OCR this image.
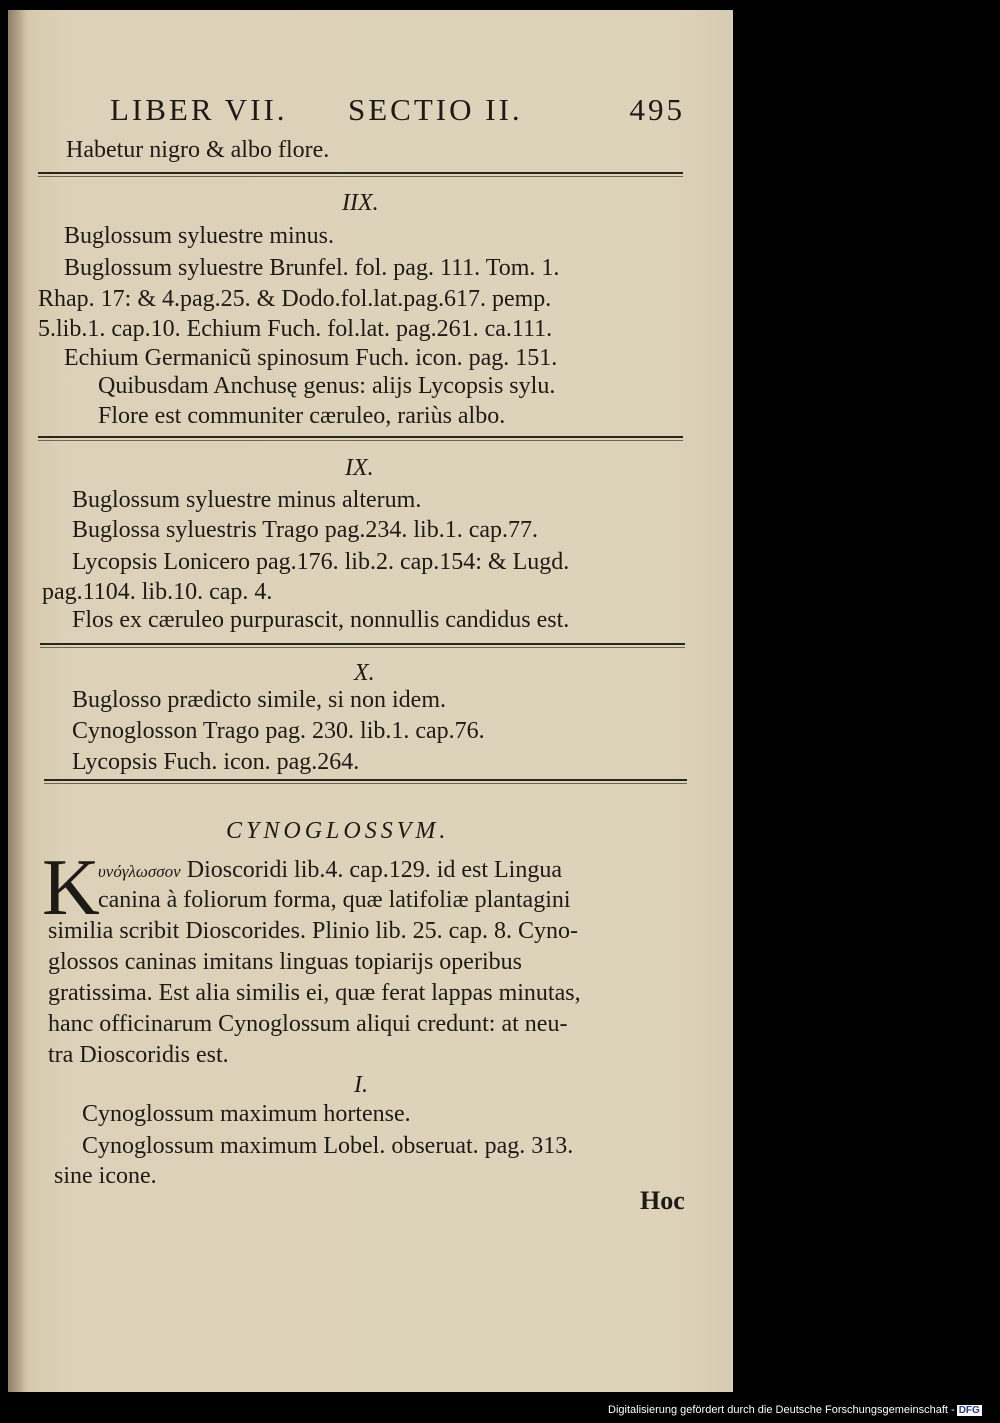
LIBER VII. SECTIO II.	495
Habetur nigro & albo flore.
IIX.
Buglossum syluestre minus.
Buglossum syluestre Brunfel. fol. pag. 111. Tom. 1.
Rhap. 17: & 4.pag.25. & Dodo.fol.lat.pag.617. pemp.
5.lib.1. cap.10. Echium Fuch. fol.lat. pag.261. ca.111.
Echium Germanicũ spinosum Fuch. icon. pag. 151.
Quibusdam Anchusę genus: alijs Lycopsis sylu.
Flore est communiter cæruleo, rariùs albo.
IX.
Buglossum syluestre minus alterum.
Buglossa syluestris Trago pag.234. lib.1. cap.77.
Lycopsis Lonicero pag.176. lib.2. cap.154: & Lugd.
pag.1104. lib.10. cap. 4.
Flos ex cæruleo purpurascit, nonnullis candidus est.
X.
Buglosso prædicto simile, si non idem.
Cynoglosson Trago pag. 230. lib.1. cap.76.
Lycopsis Fuch. icon. pag.264.
CYNOGLOSSVM.
K
υνόγλωσσον Dioscoridi lib.4. cap.129. id est Lingua
canina à foliorum forma, quæ latifoliæ plantagini
similia scribit Dioscorides. Plinio lib. 25. cap. 8. Cyno-
glossos caninas imitans linguas topiarijs operibus
gratissima. Est alia similis ei, quæ ferat lappas minutas,
hanc officinarum Cynoglossum aliqui credunt: at neu-
tra Dioscoridis est.
I.
Cynoglossum maximum hortense.
Cynoglossum maximum Lobel. obseruat. pag. 313.
sine icone.
Hoc
Digitalisierung gefördert durch die Deutsche Forschungsgemeinschaft - DFG
